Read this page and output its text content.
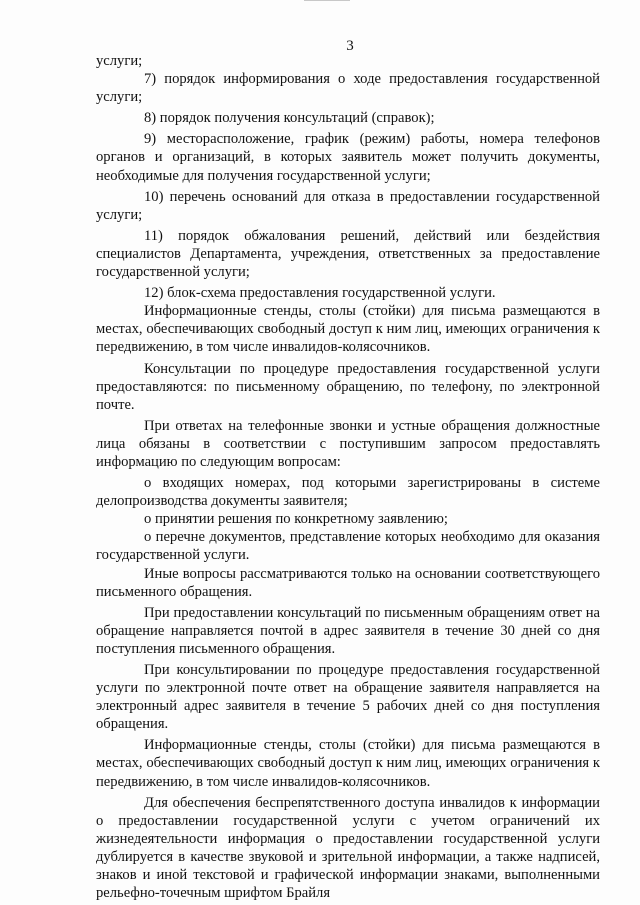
3

услуги;

7) порядок информирования о ходе предоставления государственной услуги;

8) порядок получения консультаций (справок);

9) месторасположение, график (режим) работы, номера телефонов органов и организаций, в которых заявитель может получить документы, необходимые для получения государственной услуги;

10) перечень оснований для отказа в предоставлении государственной услуги;

11) порядок обжалования решений, действий или бездействия специалистов Департамента, учреждения, ответственных за предоставление государственной услуги;

12) блок-схема предоставления государственной услуги.

Информационные стенды, столы (стойки) для письма размещаются в местах, обеспечивающих свободный доступ к ним лиц, имеющих ограничения к передвижению, в том числе инвалидов-колясочников.

Консультации по процедуре предоставления государственной услуги предоставляются: по письменному обращению, по телефону, по электронной почте.

При ответах на телефонные звонки и устные обращения должностные лица обязаны в соответствии с поступившим запросом предоставлять информацию по следующим вопросам:

о входящих номерах, под которыми зарегистрированы в системе делопроизводства документы заявителя;

о принятии решения по конкретному заявлению;

о перечне документов, представление которых необходимо для оказания государственной услуги.

Иные вопросы рассматриваются только на основании соответствующего письменного обращения.

При предоставлении консультаций по письменным обращениям ответ на обращение направляется почтой в адрес заявителя в течение 30 дней со дня поступления письменного обращения.

При консультировании по процедуре предоставления государственной услуги по электронной почте ответ на обращение заявителя направляется на электронный адрес заявителя в течение 5 рабочих дней со дня поступления обращения.

Информационные стенды, столы (стойки) для письма размещаются в местах, обеспечивающих свободный доступ к ним лиц, имеющих ограничения к передвижению, в том числе инвалидов-колясочников.

Для обеспечения беспрепятственного доступа инвалидов к информации о предоставлении государственной услуги с учетом ограничений их жизнедеятельности информация о предоставлении государственной услуги дублируется в качестве звуковой и зрительной информации, а также надписей, знаков и иной текстовой и графической информации знаками, выполненными рельефно-точечным шрифтом Брайля
